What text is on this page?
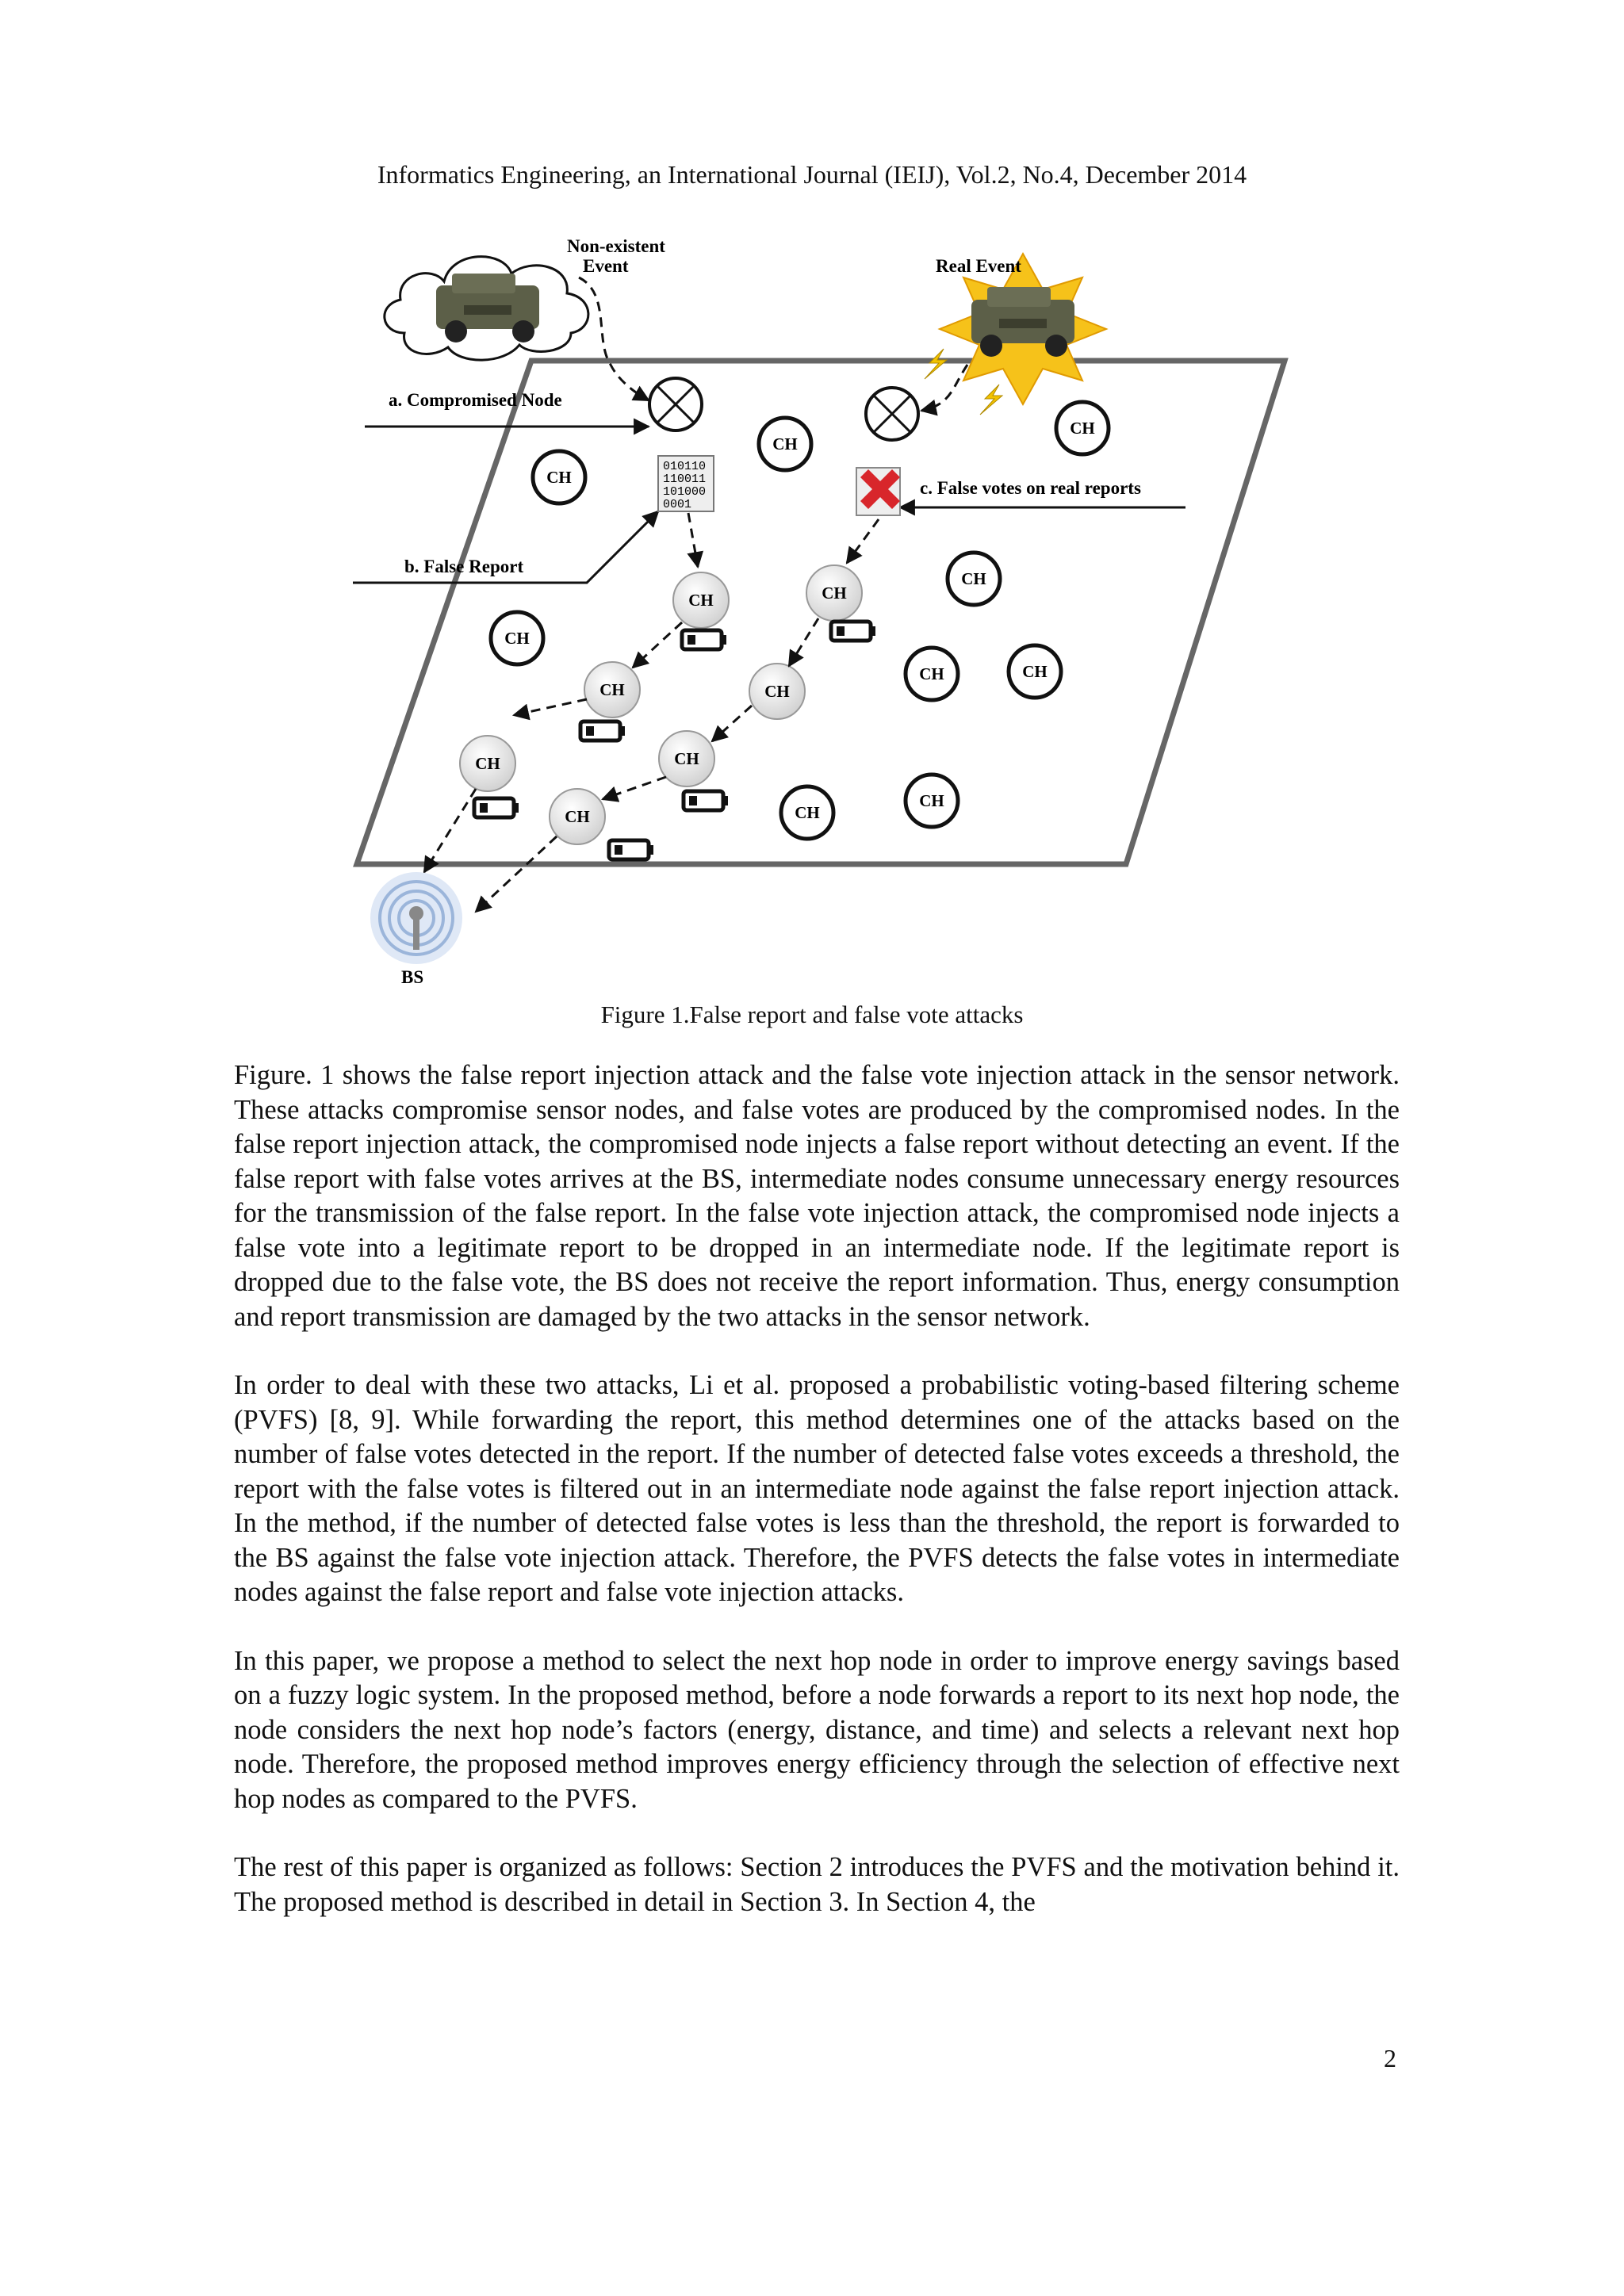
Informatics Engineering, an International Journal (IEIJ), Vol.2, No.4, December 2014
Non-existent
Event	Real Event
a. Compromised Node
b. False Report
c. False votes on real reports
010110
110011
101000
0001
CH
CH
CH
CH
CH
CH	CH
CH
CH
CH	CH
CH	CH
CH
CH
CH
BS
Figure 1.False report and false vote attacks

Figure. 1 shows the false report injection attack and the false vote injection attack in the sensor network. These attacks compromise sensor nodes, and false votes are produced by the compromised nodes. In the false report injection attack, the compromised node injects a false report without detecting an event. If the false report with false votes arrives at the BS, intermediate nodes consume unnecessary energy resources for the transmission of the false report. In the false vote injection attack, the compromised node injects a false vote into a legitimate report to be dropped in an intermediate node. If the legitimate report is dropped due to the false vote, the BS does not receive the report information. Thus, energy consumption and report transmission are damaged by the two attacks in the sensor network.

In order to deal with these two attacks, Li et al. proposed a probabilistic voting-based filtering scheme (PVFS) [8, 9]. While forwarding the report, this method determines one of the attacks based on the number of false votes detected in the report. If the number of detected false votes exceeds a threshold, the report with the false votes is filtered out in an intermediate node against the false report injection attack. In the method, if the number of detected false votes is less than the threshold, the report is forwarded to the BS against the false vote injection attack. Therefore, the PVFS detects the false votes in intermediate nodes against the false report and false vote injection attacks.

In this paper, we propose a method to select the next hop node in order to improve energy savings based on a fuzzy logic system. In the proposed method, before a node forwards a report to its next hop node, the node considers the next hop node’s factors (energy, distance, and time) and selects a relevant next hop node. Therefore, the proposed method improves energy efficiency through the selection of effective next hop nodes as compared to the PVFS.

The rest of this paper is organized as follows: Section 2 introduces the PVFS and the motivation behind it. The proposed method is described in detail in Section 3. In Section 4, the

2
